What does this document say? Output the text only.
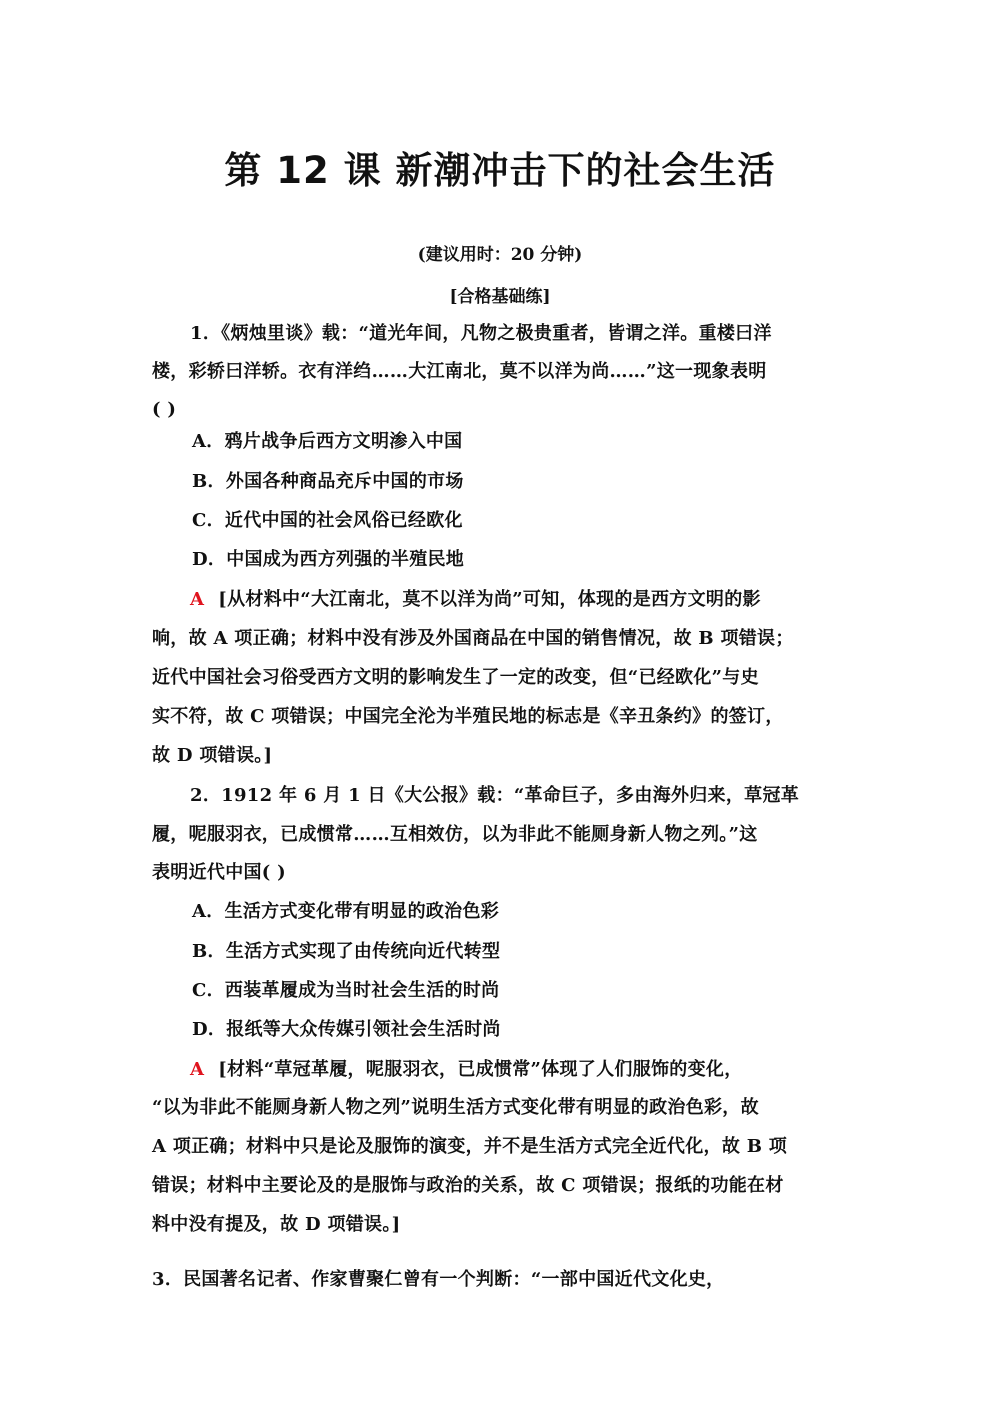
第 12 课 新潮冲击下的社会生活
(建议用时：20 分钟)
[合格基础练]
1．《炳烛里谈》载：“道光年间，凡物之极贵重者，皆谓之洋。重楼曰洋
楼，彩轿曰洋轿。衣有洋绉……大江南北，莫不以洋为尚……”这一现象表明
( )
A．鸦片战争后西方文明渗入中国
B．外国各种商品充斥中国的市场
C．近代中国的社会风俗已经欧化
D．中国成为西方列强的半殖民地
A [从材料中“大江南北，莫不以洋为尚”可知，体现的是西方文明的影
响，故 A 项正确；材料中没有涉及外国商品在中国的销售情况，故 B 项错误；
近代中国社会习俗受西方文明的影响发生了一定的改变，但“已经欧化”与史
实不符，故 C 项错误；中国完全沦为半殖民地的标志是《辛丑条约》的签订，
故 D 项错误。]
2．1912 年 6 月 1 日《大公报》载：“革命巨子，多由海外归来，草冠革
履，呢服羽衣，已成惯常……互相效仿，以为非此不能厕身新人物之列。”这
表明近代中国( )
A．生活方式变化带有明显的政治色彩
B．生活方式实现了由传统向近代转型
C．西装革履成为当时社会生活的时尚
D．报纸等大众传媒引领社会生活时尚
A [材料“草冠革履，呢服羽衣，已成惯常”体现了人们服饰的变化，
“以为非此不能厕身新人物之列”说明生活方式变化带有明显的政治色彩，故
A 项正确；材料中只是论及服饰的演变，并不是生活方式完全近代化，故 B 项
错误；材料中主要论及的是服饰与政治的关系，故 C 项错误；报纸的功能在材
料中没有提及，故 D 项错误。]
3．民国著名记者、作家曹聚仁曾有一个判断：“一部中国近代文化史，
